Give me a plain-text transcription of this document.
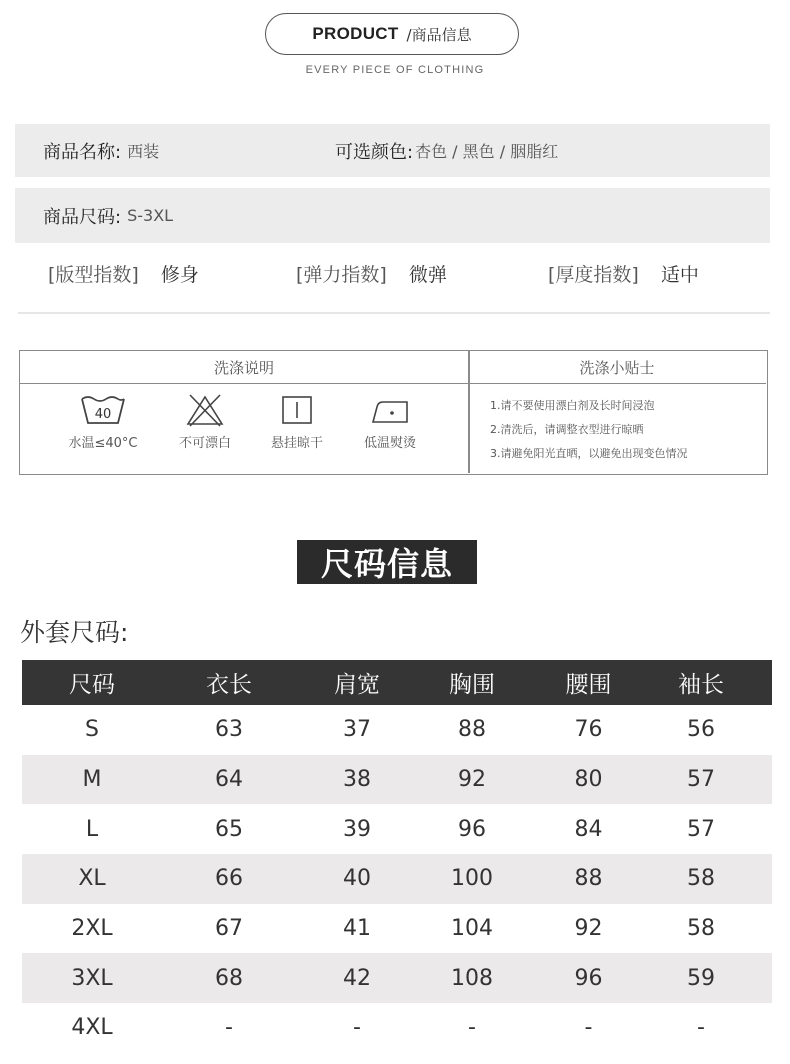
PRODUCT /商品信息
EVERY PIECE OF CLOTHING
商品名称: 西装	可选颜色: 杏色 / 黑色 / 胭脂红
商品尺码: S-3XL
[版型指数] 修身	[弹力指数] 微弹	[厚度指数] 适中
洗涤说明	洗涤小贴士
40
水温≤40°C	不可漂白	悬挂晾干	低温熨烫
1.请不要使用漂白剂及长时间浸泡
2.清洗后，请调整衣型进行晾晒
3.请避免阳光直晒，以避免出现变色情况
尺码信息
外套尺码:
尺码	衣长	肩宽	胸围	腰围	袖长
S	63	37	88	76	56
M	64	38	92	80	57
L	65	39	96	84	57
XL	66	40	100	88	58
2XL	67	41	104	92	58
3XL	68	42	108	96	59
4XL	-	-	-	-	-
